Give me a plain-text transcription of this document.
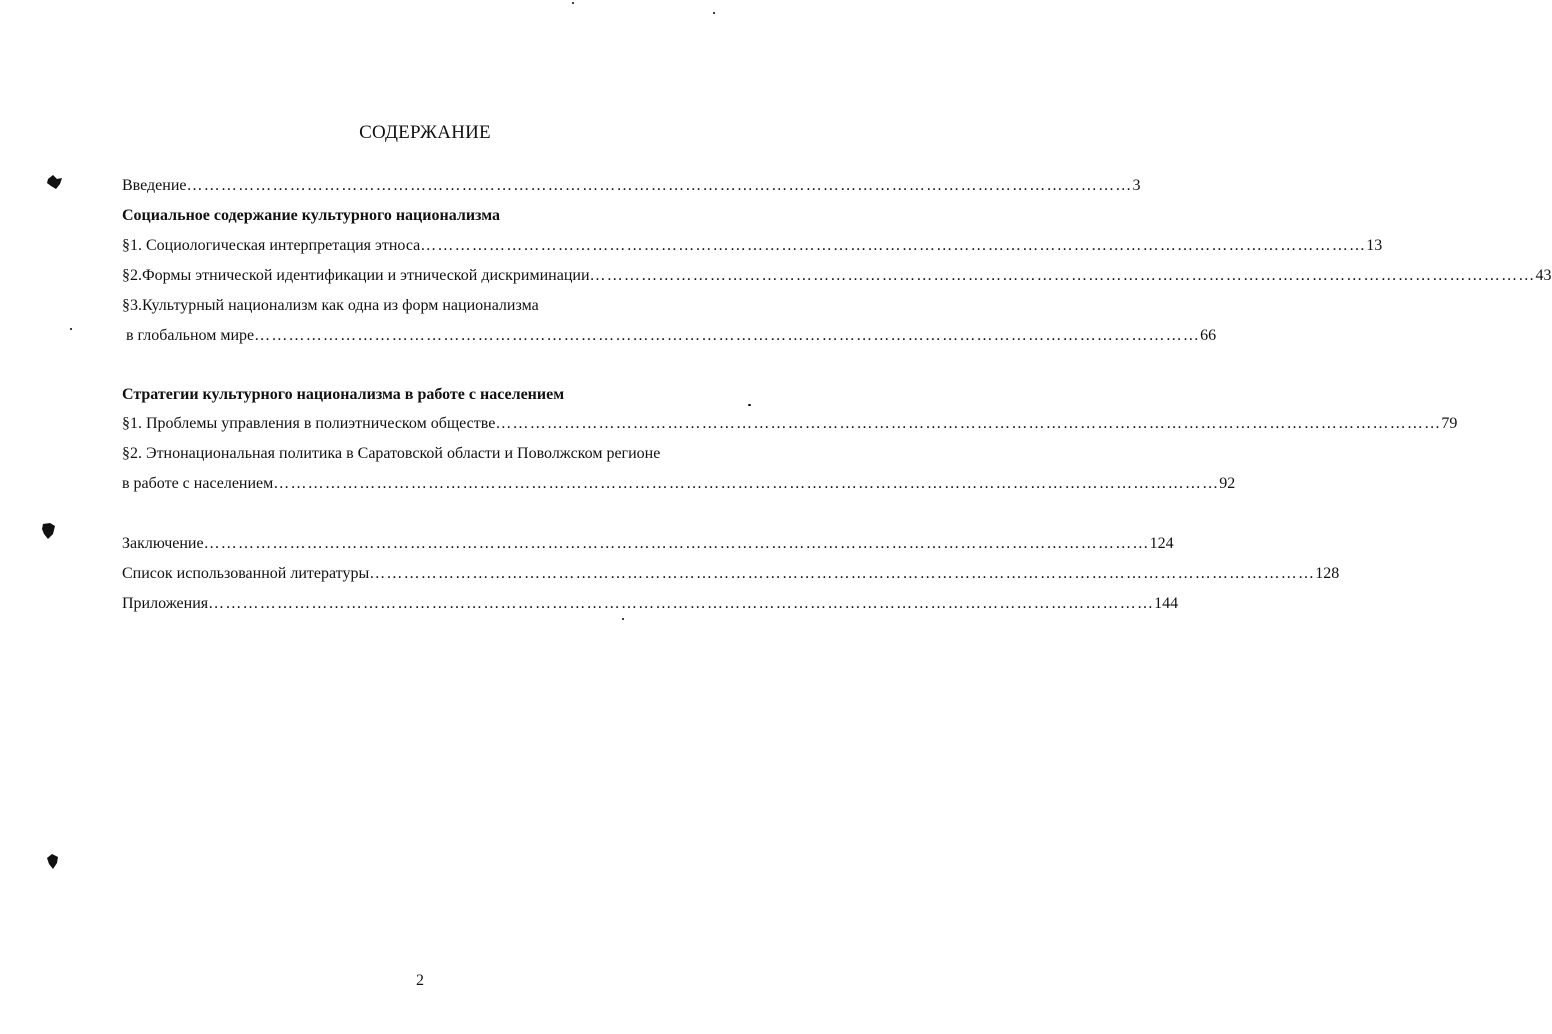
СОДЕРЖАНИЕ
Введение ………………………………………………………………………………………………………………………………………………… 3
Социальное содержание культурного национализма
§1. Социологическая интерпретация этноса ………………………………………………………………………………………………………………………………………………… 13
§2.Формы этнической идентификации и этнической дискриминации ………………………………………………………………………………………………………………………………………………… 43
§3.Культурный национализм как одна из форм национализма
в глобальном мире ………………………………………………………………………………………………………………………………………………… 66
Стратегии культурного национализма в работе с населением
§1. Проблемы управления в полиэтническом обществе ………………………………………………………………………………………………………………………………………………… 79
§2. Этнонациональная политика в Саратовской области и Поволжском регионе
в работе с населением ………………………………………………………………………………………………………………………………………………… 92
Заключение ………………………………………………………………………………………………………………………………………………… 124
Список использованной литературы ………………………………………………………………………………………………………………………………………………… 128
Приложения ………………………………………………………………………………………………………………………………………………… 144
2
